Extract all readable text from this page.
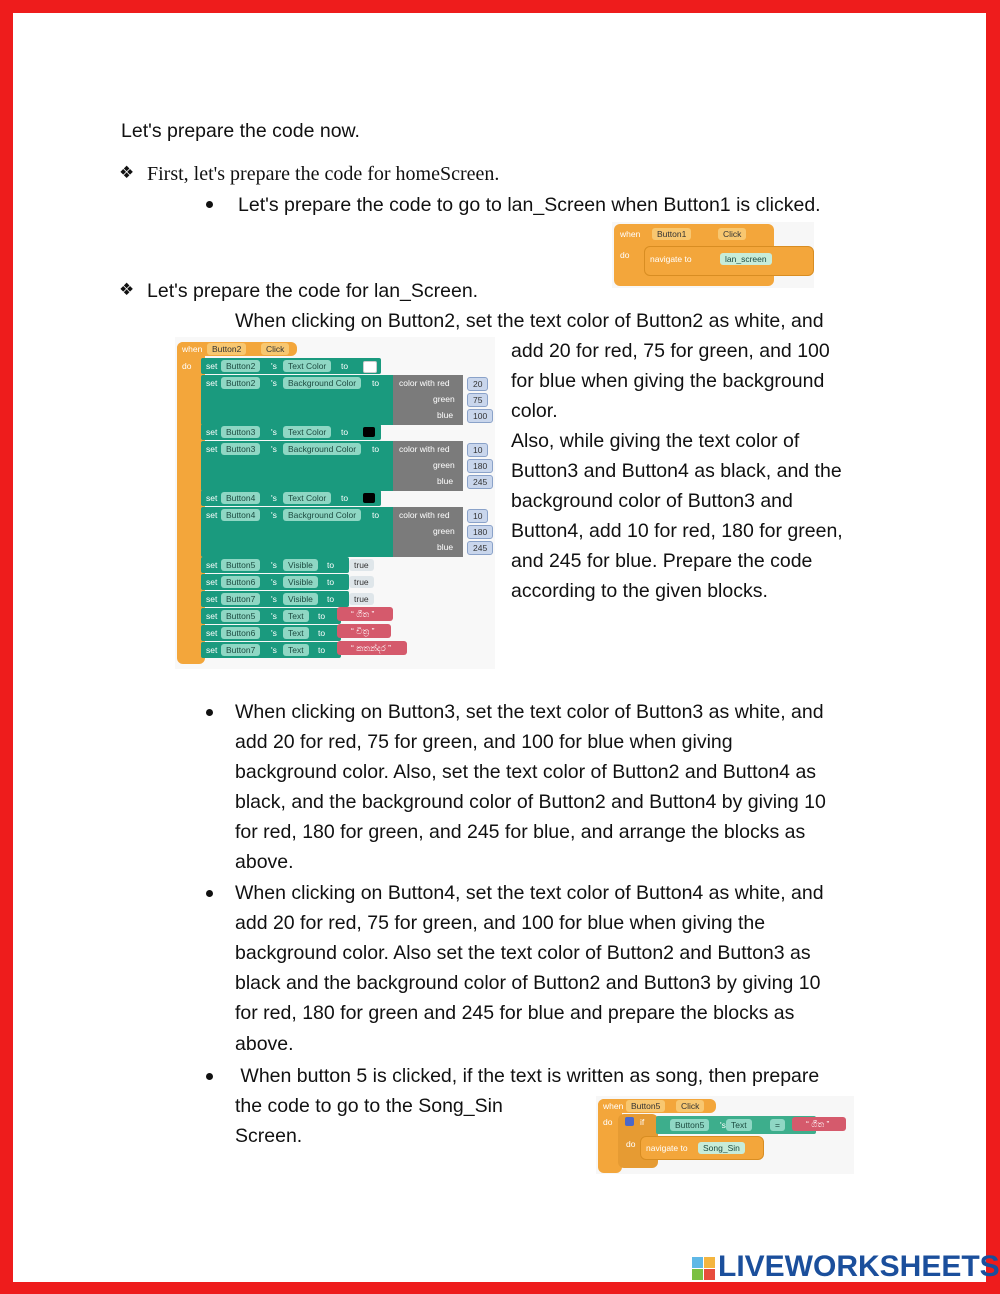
Let's prepare the code now.
❖ First, let's prepare the code for homeScreen.
Let's prepare the code to go to lan_Screen when Button1 is clicked.
when	Button1	Click
do navigate to	lan_screen
❖ Let's prepare the code for lan_Screen.
When clicking on Button2, set the text color of Button2 as white, and
add 20 for red, 75 for green, and 100
for blue when giving the background
color.
Also, while giving the text color of
Button3 and Button4 as black, and the
background color of Button3 and
Button4, add 10 for red, 180 for green,
and 245 for blue. Prepare the code
according to the given blocks.
when	Button2	Click
do set	Button2	's	Text Color	to
set	Button2	's	Background Color	to color with red
green
blue
20
75
100
set	Button3	's	Text Color	to
set	Button3	's	Background Color	to color with red
green
blue
10
180
245
set	Button4	's	Text Color	to
set	Button4	's	Background Color	to color with red
green
blue
10
180
245
set	Button5	's	Visible	to	true
set	Button6	's	Visible	to	true
set	Button7	's	Visible	to	true
set	Button5	's	Text	to	“ ගීත ”
set	Button6	's	Text	to	“ චිත්‍ර ”
set	Button7	's	Text	to	“ කතන්දර ”
When clicking on Button3, set the text color of Button3 as white, and
add 20 for red, 75 for green, and 100 for blue when giving
background color. Also, set the text color of Button2 and Button4 as
black, and the background color of Button2 and Button4 by giving 10
for red, 180 for green, and 245 for blue, and arrange the blocks as
above.
When clicking on Button4, set the text color of Button4 as white, and
add 20 for red, 75 for green, and 100 for blue when giving the
background color. Also set the text color of Button2 and Button3 as
black and the background color of Button2 and Button3 by giving 10
for red, 180 for green and 245 for blue and prepare the blocks as
above.
When button 5 is clicked, if the text is written as song, then prepare
the code to go to the Song_Sin
Screen.
when Button5	Click
do	if	Button5	's Text	=	“ ගීත ”
do navigate to	Song_Sin
LIVEWORKSHEETS
